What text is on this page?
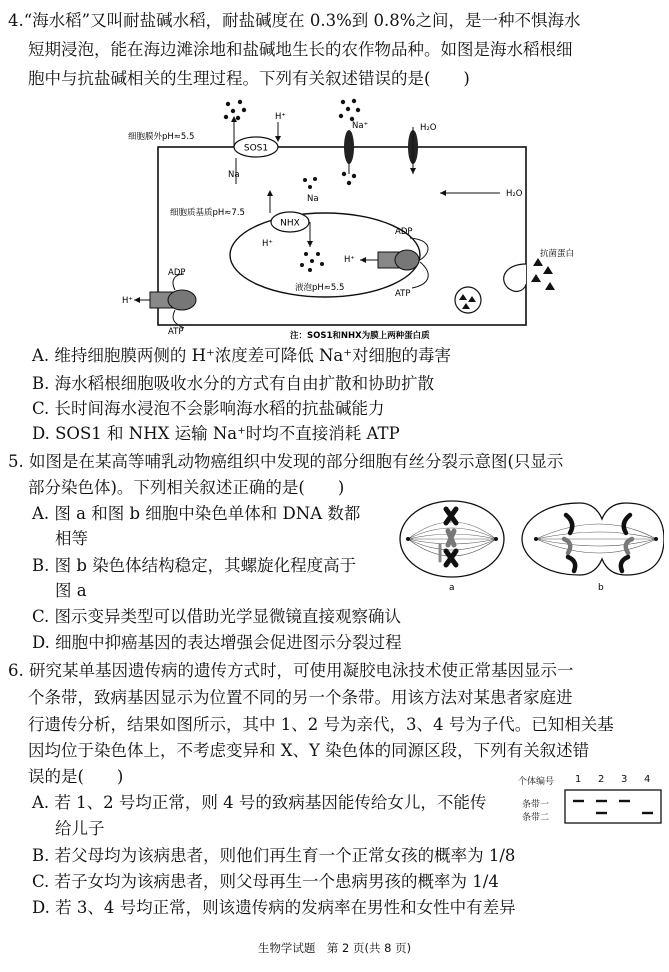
4.“海水稻”又叫耐盐碱水稻，耐盐碱度在 0.3%到 0.8%之间，是一种不惧海水
短期浸泡，能在海边滩涂地和盐碱地生长的农作物品种。如图是海水稻根细
胞中与抗盐碱相关的生理过程。下列有关叙述错误的是(　　)
SOS1
H⁺
Na
Na⁺	H₂O
H₂O
细胞膜外pH≈5.5
细胞质基质pH≈7.5
液泡pH≈5.5
Na
NHX
H⁺
H⁺
ADP
ATP
H⁺
ADP
ATP
抗菌蛋白
注：SOS1和NHX为膜上两种蛋白质
A. 维持细胞膜两侧的 H⁺浓度差可降低 Na⁺对细胞的毒害
B. 海水稻根细胞吸收水分的方式有自由扩散和协助扩散
C. 长时间海水浸泡不会影响海水稻的抗盐碱能力
D. SOS1 和 NHX 运输 Na⁺时均不直接消耗 ATP
5. 如图是在某高等哺乳动物癌组织中发现的部分细胞有丝分裂示意图(只显示
部分染色体)。下列相关叙述正确的是(　　)
A. 图 a 和图 b 细胞中染色单体和 DNA 数都
相等
B. 图 b 染色体结构稳定，其螺旋化程度高于
图 a
C. 图示变异类型可以借助光学显微镜直接观察确认
D. 细胞中抑癌基因的表达增强会促进图示分裂过程
a	b
6. 研究某单基因遗传病的遗传方式时，可使用凝胶电泳技术使正常基因显示一
个条带，致病基因显示为位置不同的另一个条带。用该方法对某患者家庭进
行遗传分析，结果如图所示，其中 1、2 号为亲代，3、4 号为子代。已知相关基
因均位于染色体上，不考虑变异和 X、Y 染色体的同源区段，下列有关叙述错
误的是(　　)	个体编号 1 2 3 4
条带一
条带二
A. 若 1、2 号均正常，则 4 号的致病基因能传给女儿，不能传
给儿子
B. 若父母均为该病患者，则他们再生育一个正常女孩的概率为 1/8
C. 若子女均为该病患者，则父母再生一个患病男孩的概率为 1/4
D. 若 3、4 号均正常，则该遗传病的发病率在男性和女性中有差异
生物学试题　第 2 页(共 8 页)
